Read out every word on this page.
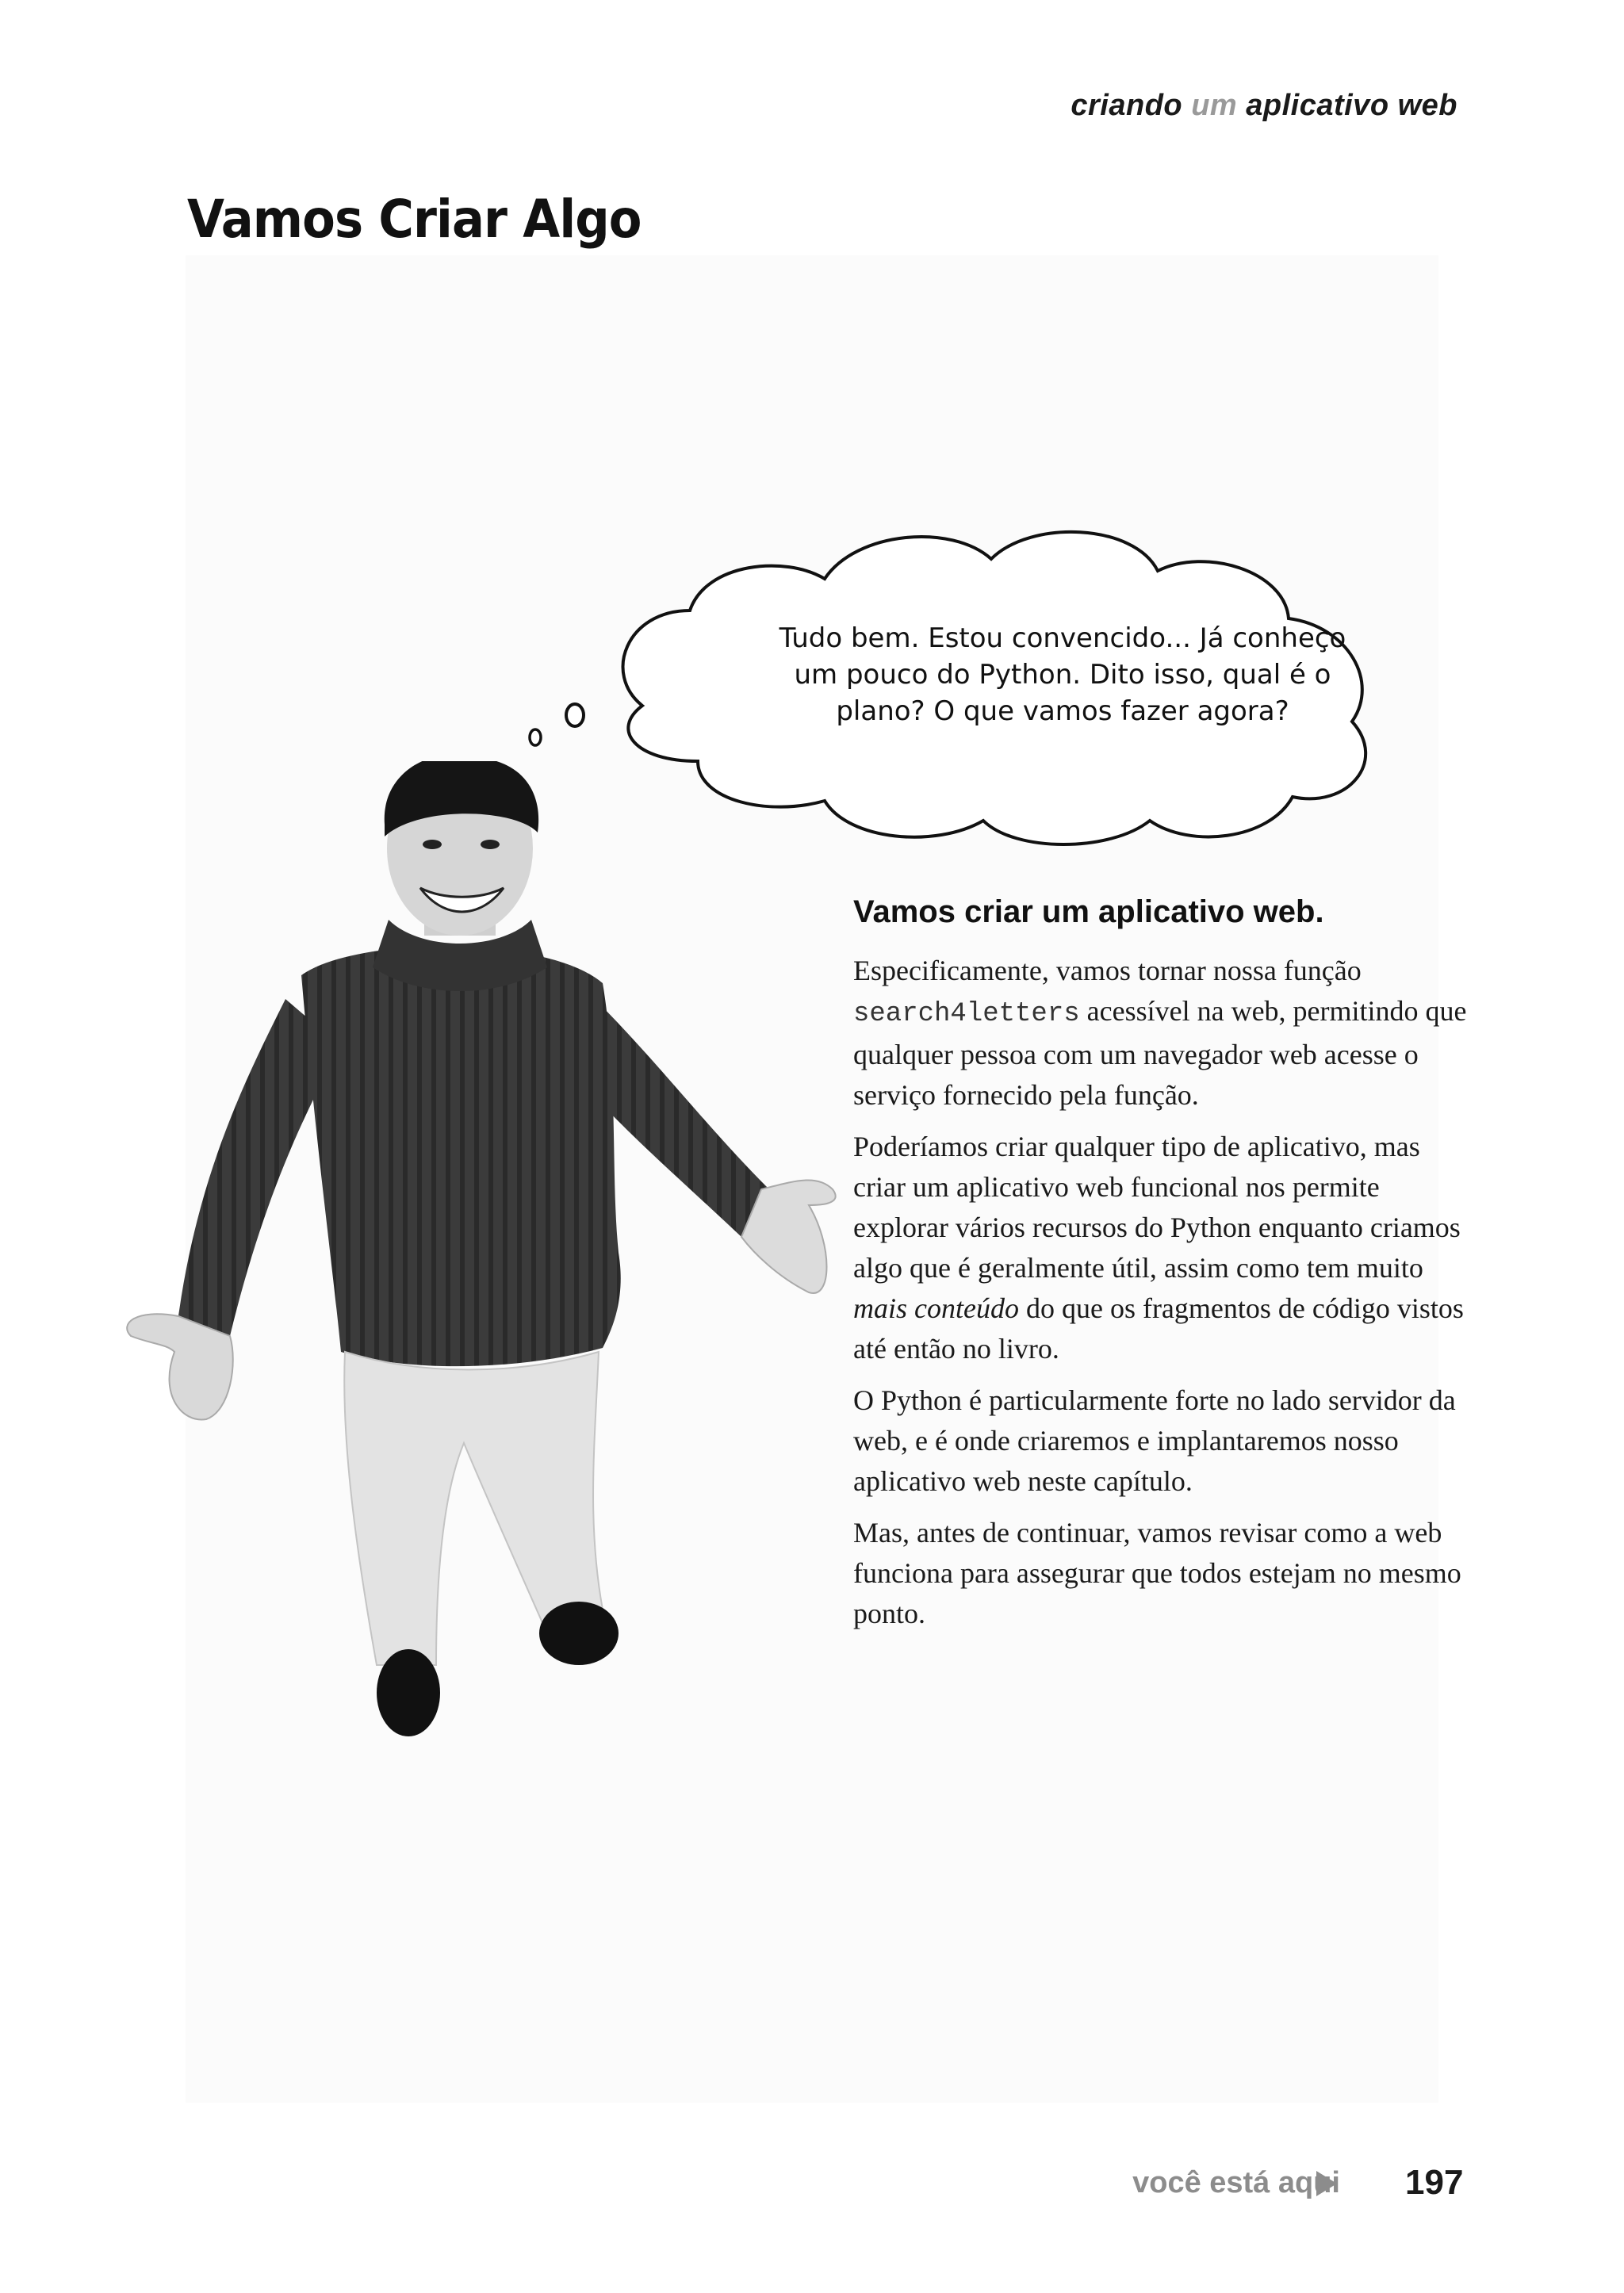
criando um aplicativo web
Vamos Criar Algo

Tudo bem. Estou convencido... Já conheço
um pouco do Python. Dito isso, qual é o
plano? O que vamos fazer agora?

Vamos criar um aplicativo web.

Especificamente, vamos tornar nossa função search4letters acessível na web, permitindo que qualquer pessoa com um navegador web acesse o serviço fornecido pela função.

Poderíamos criar qualquer tipo de aplicativo, mas criar um aplicativo web funcional nos permite explorar vários recursos do Python enquanto criamos algo que é geralmente útil, assim como tem muito mais conteúdo do que os fragmentos de código vistos até então no livro.

O Python é particularmente forte no lado servidor da web, e é onde criaremos e implantaremos nosso aplicativo web neste capítulo.

Mas, antes de continuar, vamos revisar como a web funciona para assegurar que todos estejam no mesmo ponto.

você está aqui 197
